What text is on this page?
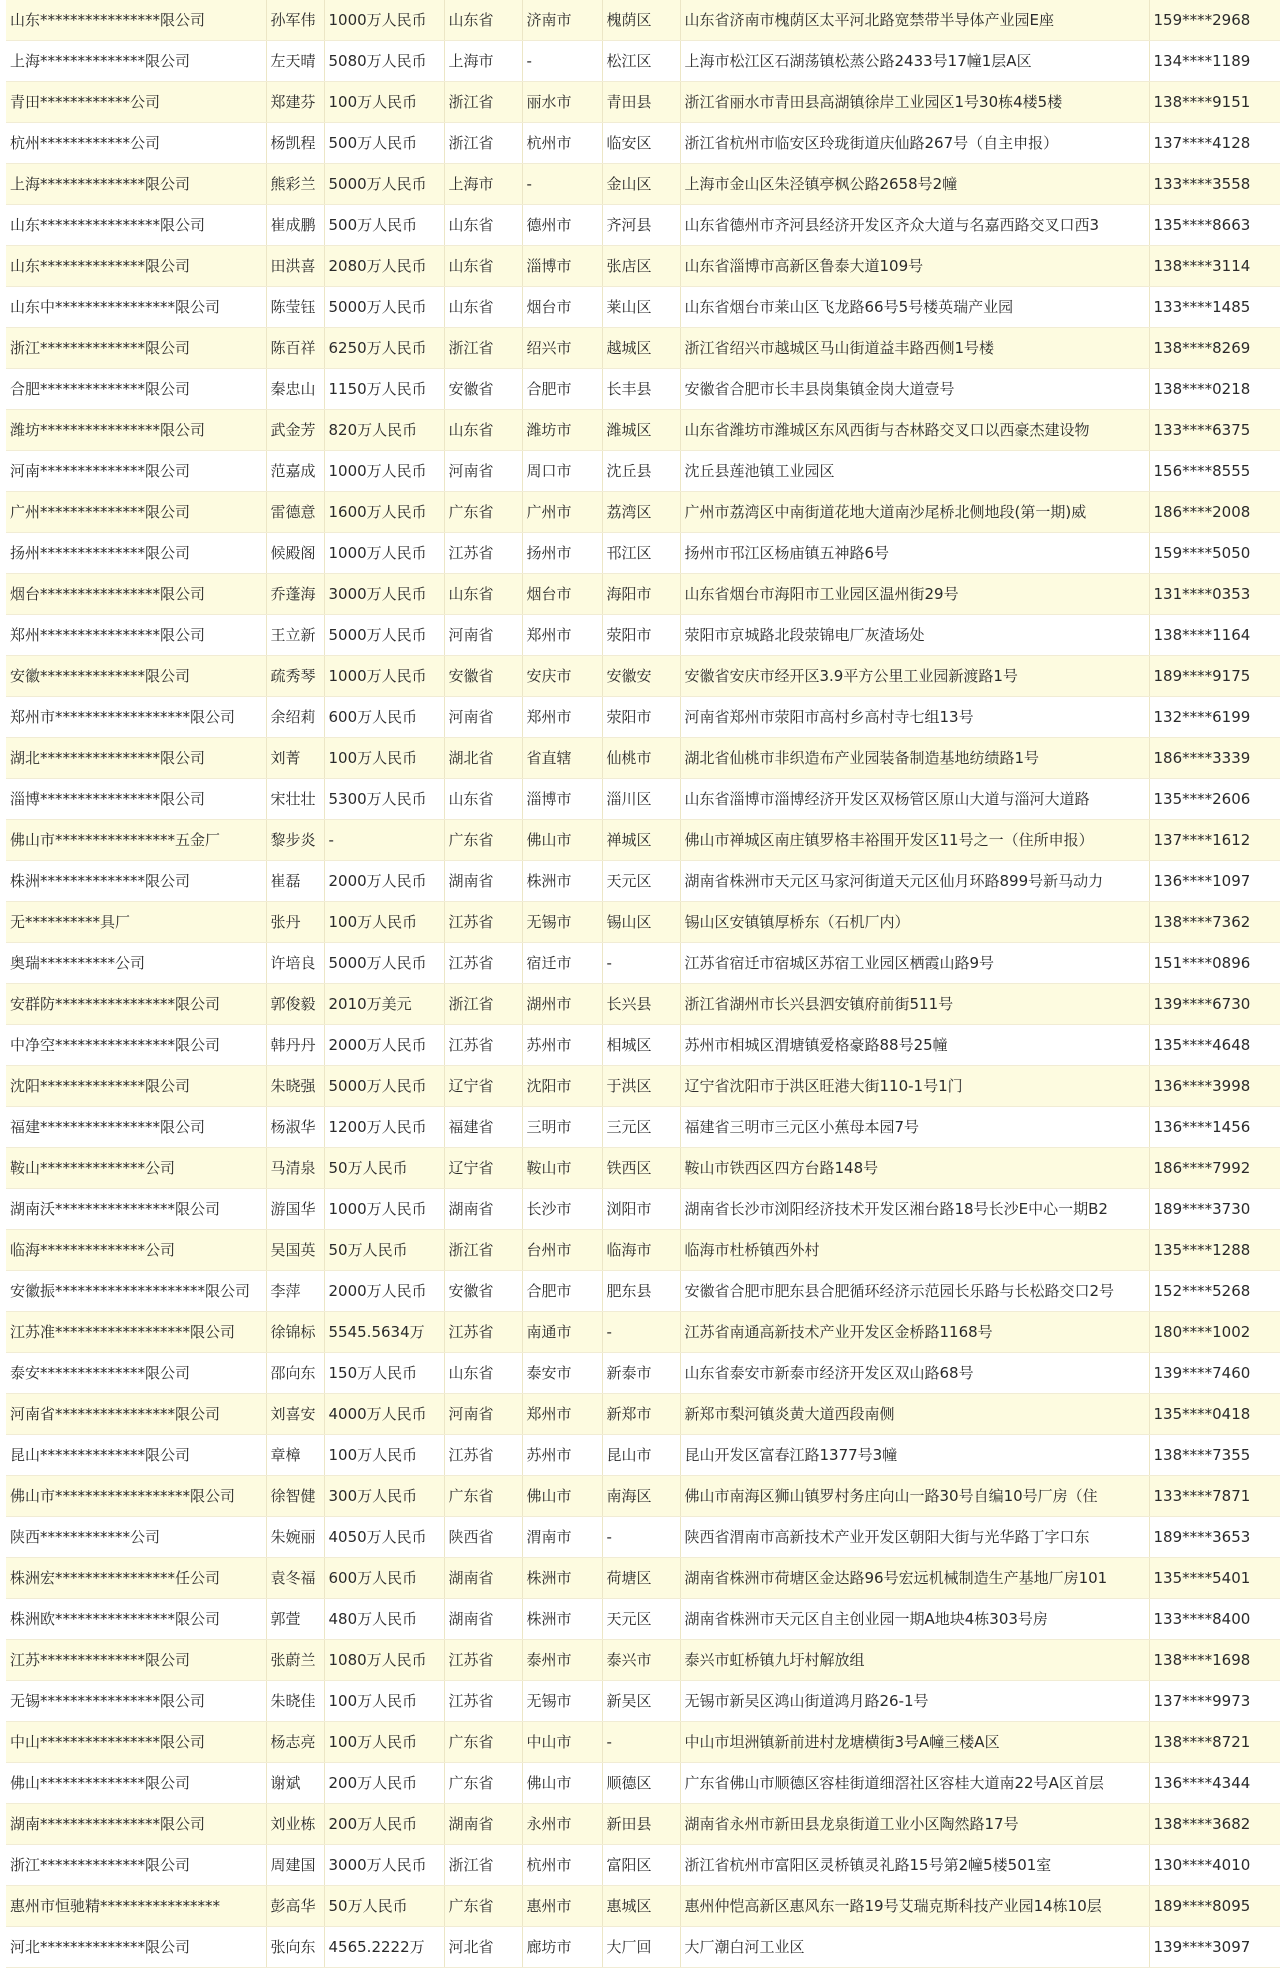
山东****************限公司	孙军伟	1000万人民币	山东省	济南市	槐荫区	山东省济南市槐荫区太平河北路宽禁带半导体产业园E座	159****2968
上海**************限公司	左天晴	5080万人民币	上海市	-	松江区	上海市松江区石湖荡镇松蒸公路2433号17幢1层A区	134****1189
青田************公司	郑建芬	100万人民币	浙江省	丽水市	青田县	浙江省丽水市青田县高湖镇徐岸工业园区1号30栋4楼5楼	138****9151
杭州************公司	杨凯程	500万人民币	浙江省	杭州市	临安区	浙江省杭州市临安区玲珑街道庆仙路267号（自主申报）	137****4128
上海**************限公司	熊彩兰	5000万人民币	上海市	-	金山区	上海市金山区朱泾镇亭枫公路2658号2幢	133****3558
山东****************限公司	崔成鹏	500万人民币	山东省	德州市	齐河县	山东省德州市齐河县经济开发区齐众大道与名嘉西路交叉口西3	135****8663
山东**************限公司	田洪喜	2080万人民币	山东省	淄博市	张店区	山东省淄博市高新区鲁泰大道109号	138****3114
山东中****************限公司	陈莹钰	5000万人民币	山东省	烟台市	莱山区	山东省烟台市莱山区飞龙路66号5号楼英瑞产业园	133****1485
浙江**************限公司	陈百祥	6250万人民币	浙江省	绍兴市	越城区	浙江省绍兴市越城区马山街道益丰路西侧1号楼	138****8269
合肥**************限公司	秦忠山	1150万人民币	安徽省	合肥市	长丰县	安徽省合肥市长丰县岗集镇金岗大道壹号	138****0218
潍坊****************限公司	武金芳	820万人民币	山东省	潍坊市	潍城区	山东省潍坊市潍城区东风西街与杏林路交叉口以西豪杰建设物	133****6375
河南**************限公司	范嘉成	1000万人民币	河南省	周口市	沈丘县	沈丘县莲池镇工业园区	156****8555
广州**************限公司	雷德意	1600万人民币	广东省	广州市	荔湾区	广州市荔湾区中南街道花地大道南沙尾桥北侧地段(第一期)威	186****2008
扬州**************限公司	候殿阁	1000万人民币	江苏省	扬州市	邗江区	扬州市邗江区杨庙镇五神路6号	159****5050
烟台****************限公司	乔蓬海	3000万人民币	山东省	烟台市	海阳市	山东省烟台市海阳市工业园区温州街29号	131****0353
郑州****************限公司	王立新	5000万人民币	河南省	郑州市	荥阳市	荥阳市京城路北段荥锦电厂灰渣场处	138****1164
安徽**************限公司	疏秀琴	1000万人民币	安徽省	安庆市	安徽安	安徽省安庆市经开区3.9平方公里工业园新渡路1号	189****9175
郑州市******************限公司	余绍莉	600万人民币	河南省	郑州市	荥阳市	河南省郑州市荥阳市高村乡高村寺七组13号	132****6199
湖北****************限公司	刘菁	100万人民币	湖北省	省直辖	仙桃市	湖北省仙桃市非织造布产业园装备制造基地纺绩路1号	186****3339
淄博****************限公司	宋壮壮	5300万人民币	山东省	淄博市	淄川区	山东省淄博市淄博经济开发区双杨管区原山大道与淄河大道路	135****2606
佛山市****************五金厂	黎步炎	-	广东省	佛山市	禅城区	佛山市禅城区南庄镇罗格丰裕围开发区11号之一（住所申报）	137****1612
株洲**************限公司	崔磊	2000万人民币	湖南省	株洲市	天元区	湖南省株洲市天元区马家河街道天元区仙月环路899号新马动力	136****1097
无**********具厂	张丹	100万人民币	江苏省	无锡市	锡山区	锡山区安镇镇厚桥东（石机厂内）	138****7362
奥瑞**********公司	许培良	5000万人民币	江苏省	宿迁市	-	江苏省宿迁市宿城区苏宿工业园区栖霞山路9号	151****0896
安群防****************限公司	郭俊毅	2010万美元	浙江省	湖州市	长兴县	浙江省湖州市长兴县泗安镇府前街511号	139****6730
中净空****************限公司	韩丹丹	2000万人民币	江苏省	苏州市	相城区	苏州市相城区渭塘镇爱格豪路88号25幢	135****4648
沈阳**************限公司	朱晓强	5000万人民币	辽宁省	沈阳市	于洪区	辽宁省沈阳市于洪区旺港大街110-1号1门	136****3998
福建****************限公司	杨淑华	1200万人民币	福建省	三明市	三元区	福建省三明市三元区小蕉母本园7号	136****1456
鞍山**************公司	马清泉	50万人民币	辽宁省	鞍山市	铁西区	鞍山市铁西区四方台路148号	186****7992
湖南沃****************限公司	游国华	1000万人民币	湖南省	长沙市	浏阳市	湖南省长沙市浏阳经济技术开发区湘台路18号长沙E中心一期B2	189****3730
临海**************公司	吴国英	50万人民币	浙江省	台州市	临海市	临海市杜桥镇西外村	135****1288
安徽振********************限公司	李萍	2000万人民币	安徽省	合肥市	肥东县	安徽省合肥市肥东县合肥循环经济示范园长乐路与长松路交口2号	152****5268
江苏准******************限公司	徐锦标	5545.5634万	江苏省	南通市	-	江苏省南通高新技术产业开发区金桥路1168号	180****1002
泰安**************限公司	邵向东	150万人民币	山东省	泰安市	新泰市	山东省泰安市新泰市经济开发区双山路68号	139****7460
河南省****************限公司	刘喜安	4000万人民币	河南省	郑州市	新郑市	新郑市梨河镇炎黄大道西段南侧	135****0418
昆山**************限公司	章樟	100万人民币	江苏省	苏州市	昆山市	昆山开发区富春江路1377号3幢	138****7355
佛山市******************限公司	徐智健	300万人民币	广东省	佛山市	南海区	佛山市南海区狮山镇罗村务庄向山一路30号自编10号厂房（住	133****7871
陕西************公司	朱婉丽	4050万人民币	陕西省	渭南市	-	陕西省渭南市高新技术产业开发区朝阳大街与光华路丁字口东	189****3653
株洲宏****************任公司	袁冬福	600万人民币	湖南省	株洲市	荷塘区	湖南省株洲市荷塘区金达路96号宏远机械制造生产基地厂房101	135****5401
株洲欧****************限公司	郭萱	480万人民币	湖南省	株洲市	天元区	湖南省株洲市天元区自主创业园一期A地块4栋303号房	133****8400
江苏**************限公司	张蔚兰	1080万人民币	江苏省	泰州市	泰兴市	泰兴市虹桥镇九圩村解放组	138****1698
无锡****************限公司	朱晓佳	100万人民币	江苏省	无锡市	新吴区	无锡市新吴区鸿山街道鸿月路26-1号	137****9973
中山****************限公司	杨志亮	100万人民币	广东省	中山市	-	中山市坦洲镇新前进村龙塘横街3号A幢三楼A区	138****8721
佛山**************限公司	谢斌	200万人民币	广东省	佛山市	顺德区	广东省佛山市顺德区容桂街道细滘社区容桂大道南22号A区首层	136****4344
湖南****************限公司	刘业栋	200万人民币	湖南省	永州市	新田县	湖南省永州市新田县龙泉街道工业小区陶然路17号	138****3682
浙江**************限公司	周建国	3000万人民币	浙江省	杭州市	富阳区	浙江省杭州市富阳区灵桥镇灵礼路15号第2幢5楼501室	130****4010
惠州市恒驰精****************	彭高华	50万人民币	广东省	惠州市	惠城区	惠州仲恺高新区惠风东一路19号艾瑞克斯科技产业园14栋10层	189****8095
河北**************限公司	张向东	4565.2222万	河北省	廊坊市	大厂回	大厂潮白河工业区	139****3097
